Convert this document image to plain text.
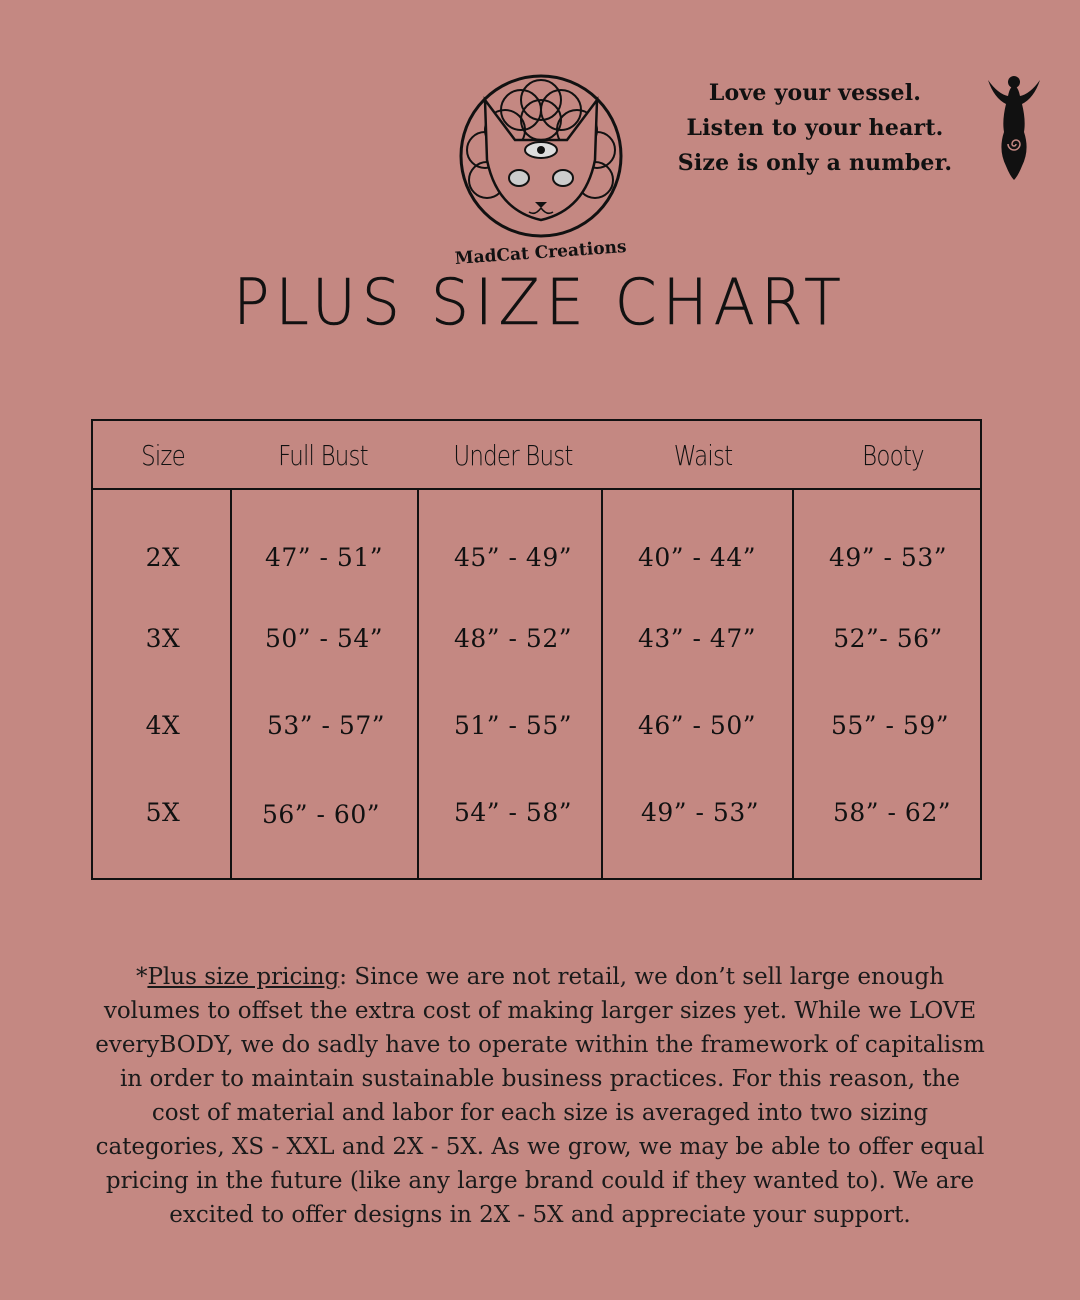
MadCat Creations
Love your vessel.
Listen to your heart.
Size is only a number.
PLUS SIZE CHART
Size	Full Bust	Under Bust	Waist	Booty
2X	47” - 51”	45” - 49”	40” - 44”	49” - 53”
3X	50” - 54”	48” - 52”	43” - 47”	52”- 56”
4X	53” - 57”	51” - 55”	46” - 50”	55” - 59”
5X	56” - 60”	54” - 58”	49” - 53”	58” - 62”
*Plus size pricing: Since we are not retail, we don’t sell large enough volumes to offset the extra cost of making larger sizes yet. While we LOVE everyBODY, we do sadly have to operate within the framework of capitalism in order to maintain sustainable business practices. For this reason, the cost of material and labor for each size is averaged into two sizing categories, XS - XXL and 2X - 5X. As we grow, we may be able to offer equal pricing in the future (like any large brand could if they wanted to). We are excited to offer designs in 2X - 5X and appreciate your support.
